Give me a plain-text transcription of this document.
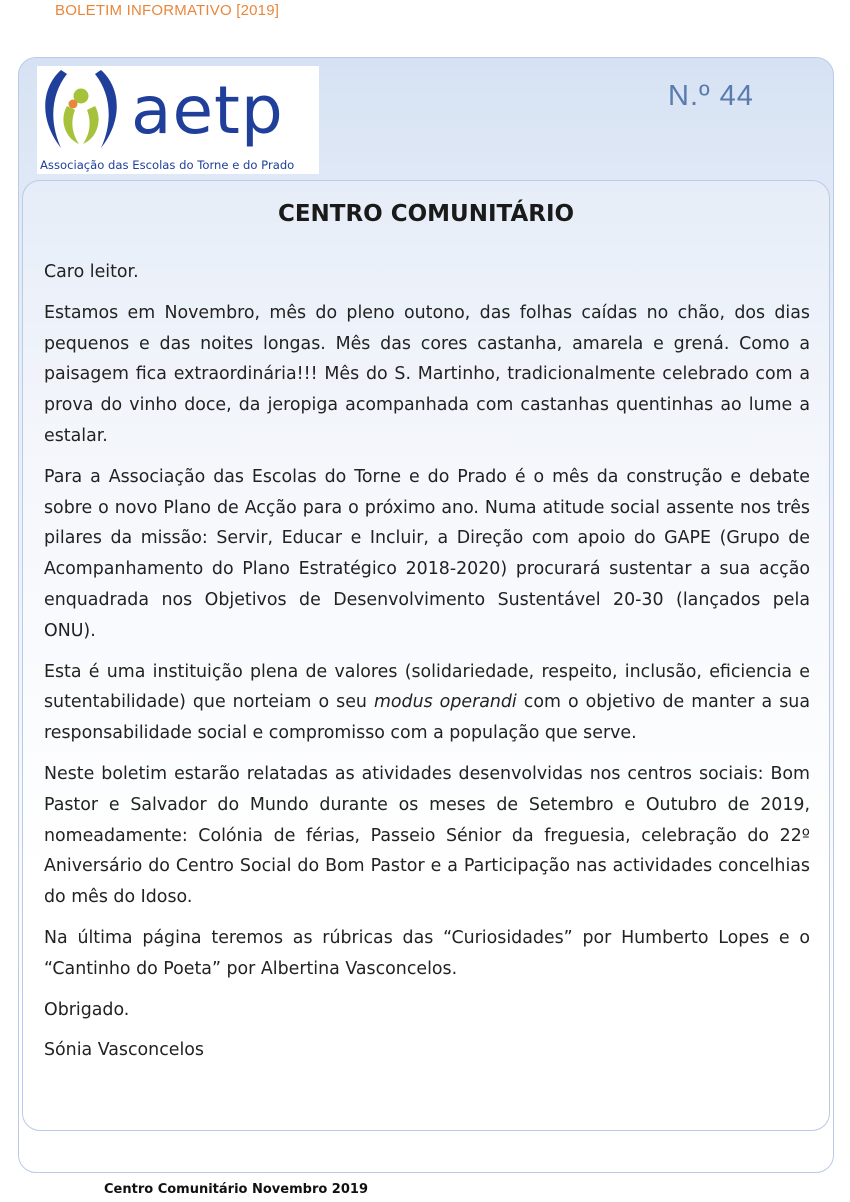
BOLETIM INFORMATIVO [2019]
aetp
Associação das Escolas do Torne e do Prado
N.º 44
CENTRO COMUNITÁRIO

Caro leitor.

Estamos em Novembro, mês do pleno outono, das folhas caídas no chão, dos dias pequenos e das noites longas. Mês das cores castanha, amarela e grená. Como a paisagem fica extraordinária!!! Mês do S. Martinho, tradicionalmente celebrado com a prova do vinho doce, da jeropiga acompanhada com castanhas quentinhas ao lume a estalar.

Para a Associação das Escolas do Torne e do Prado é o mês da construção e debate sobre o novo Plano de Acção para o próximo ano. Numa atitude social assente nos três pilares da missão: Servir, Educar e Incluir, a Direção com apoio do GAPE (Grupo de Acompanhamento do Plano Estratégico 2018-2020) procurará sustentar a sua acção enquadrada nos Objetivos de Desenvolvimento Sustentável 20-30 (lançados pela ONU).

Esta é uma instituição plena de valores (solidariedade, respeito, inclusão, eficiencia e sutentabilidade) que norteiam o seu modus operandi com o objetivo de manter a sua responsabilidade social e compromisso com a população que serve.

Neste boletim estarão relatadas as atividades desenvolvidas nos centros sociais: Bom Pastor e Salvador do Mundo durante os meses de Setembro e Outubro de 2019, nomeadamente: Colónia de férias, Passeio Sénior da freguesia, celebração do 22º Aniversário do Centro Social do Bom Pastor e a Participação nas actividades concelhias do mês do Idoso.

Na última página teremos as rúbricas das “Curiosidades” por Humberto Lopes e o “Cantinho do Poeta” por Albertina Vasconcelos.

Obrigado.

Sónia Vasconcelos

Centro Comunitário Novembro 2019
